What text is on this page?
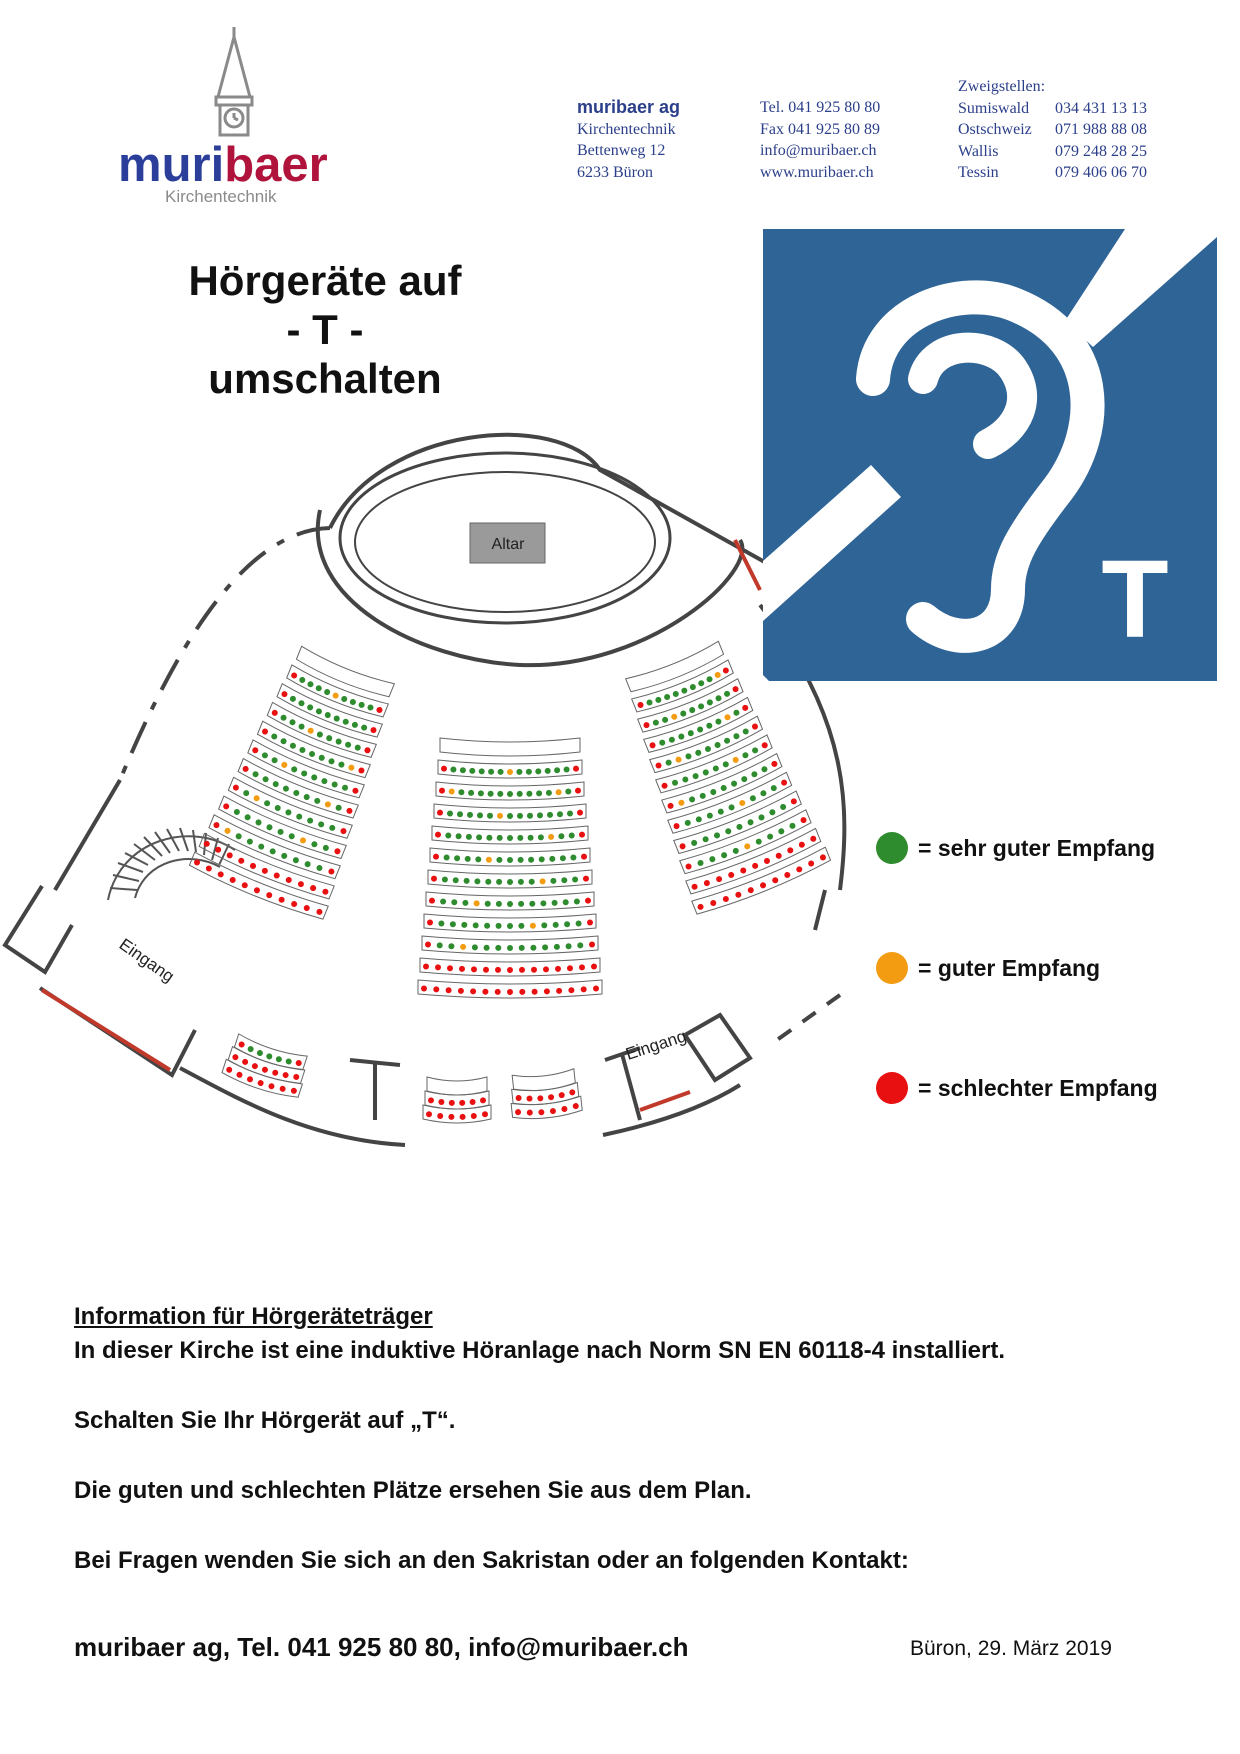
muribaer
Kirchentechnik
muribaer ag
Kirchentechnik
Bettenweg 12
6233 Büron
Tel. 041 925 80 80
Fax 041 925 80 89
info@muribaer.ch
www.muribaer.ch
Zweigstellen:
Sumiswald	034 431 13 13
Ostschweiz	071 988 88 08
Wallis	079 248 28 25
Tessin	079 406 06 70
Hörgeräte auf
- T -
umschalten
Altar
Eingang
Eingang
T
= sehr guter Empfang
= guter Empfang
= schlechter Empfang
Information für Hörgeräteträger
In dieser Kirche ist eine induktive Höranlage nach Norm SN EN 60118-4 installiert.
Schalten Sie Ihr Hörgerät auf „T“.
Die guten und schlechten Plätze ersehen Sie aus dem Plan.
Bei Fragen wenden Sie sich an den Sakristan oder an folgenden Kontakt:
muribaer ag, Tel. 041 925 80 80, info@muribaer.ch	Büron, 29. März 2019
